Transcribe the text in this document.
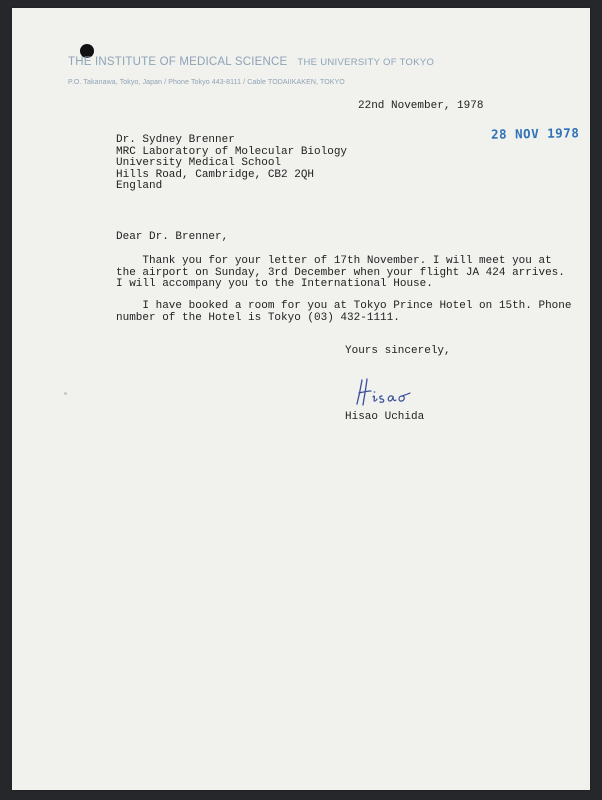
THE INSTITUTE OF MEDICAL SCIENCE THE UNIVERSITY OF TOKYO
P.O. Takanawa, Tokyo, Japan / Phone Tokyo 443-8111 / Cable TODAIIKAKEN, TOKYO
22nd November, 1978
28 NOV 1978
Dr. Sydney Brenner
MRC Laboratory of Molecular Biology
University Medical School
Hills Road, Cambridge, CB2 2QH
England
Dear Dr. Brenner,
Thank you for your letter of 17th November. I will meet you at
the airport on Sunday, 3rd December when your flight JA 424 arrives.
I will accompany you to the International House.
I have booked a room for you at Tokyo Prince Hotel on 15th. Phone
number of the Hotel is Tokyo (03) 432-1111.
Yours sincerely,
Hisao Uchida
